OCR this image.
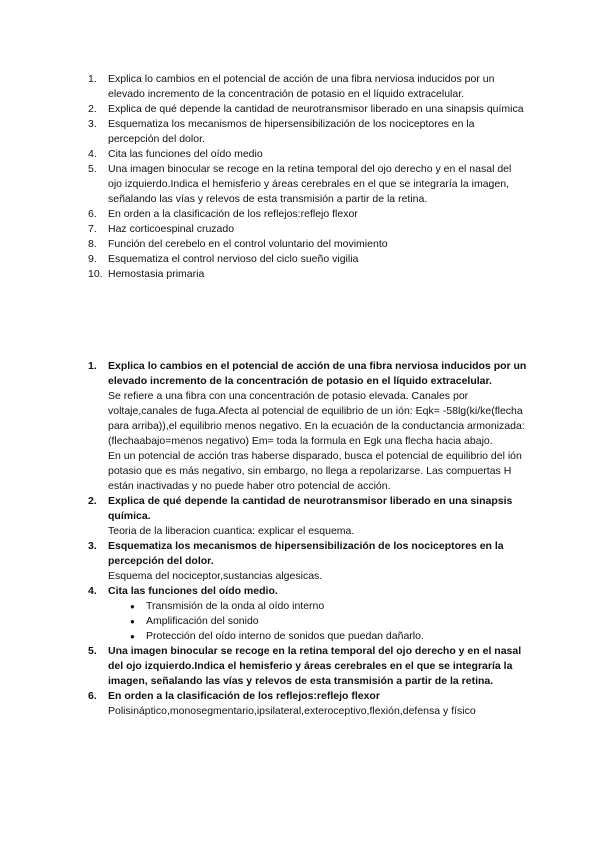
1.	Explica lo cambios en el potencial de acción de una fibra nerviosa inducidos por un elevado incremento de la concentración de potasio en el líquido extracelular.
2.	Explica de qué depende la cantidad de neurotransmisor liberado en una sinapsis química
3.	Esquematiza los mecanismos de hipersensibilización de los nociceptores en la percepción del dolor.
4.	Cita las funciones del oído medio
5.	Una imagen binocular se recoge en la retina temporal del ojo derecho y en el nasal del ojo izquierdo.Indica el hemisferio y áreas cerebrales en el que se integraría la imagen, señalando las vías y relevos de esta transmisión a partir de la retina.
6.	En orden a la clasificación de los reflejos:reflejo flexor
7.	Haz corticoespinal cruzado
8.	Función del cerebelo en el control voluntario del movimiento
9.	Esquematiza el control nervioso del ciclo sueño vigilia
10. Hemostasia primaria
1.	Explica lo cambios en el potencial de acción de una fibra nerviosa inducidos por un elevado incremento de la concentración de potasio en el líquido extracelular.
Se refiere a una fibra con una concentración de potasio elevada. Canales por voltaje,canales de fuga.Afecta al potencial de equilibrio de un ión: Eqk= -58lg(ki/ke(flecha para arriba)),el equilibrio menos negativo. En la ecuación de la conductancia armonizada: (flechaabajo=menos negativo) Em= toda la formula en Egk una flecha hacia abajo.
En un potencial de acción tras haberse disparado, busca el potencial de equilibrio del ión potasio que es más negativo, sin embargo, no llega a repolarizarse. Las compuertas H están inactivadas y no puede haber otro potencial de acción.
2.	Explica de qué depende la cantidad de neurotransmisor liberado en una sinapsis química.
Teoria de la liberacion cuantica: explicar el esquema.
3.	Esquematiza los mecanismos de hipersensibilización de los nociceptores en la percepción del dolor.
Esquema del nociceptor,sustancias algesicas.
4.	Cita las funciones del oído medio.
●	Transmisión de la onda al oído interno
●	Amplificación del sonido
●	Protección del oído interno de sonidos que puedan dañarlo.
5.	Una imagen binocular se recoge en la retina temporal del ojo derecho y en el nasal del ojo izquierdo.Indica el hemisferio y áreas cerebrales en el que se integraría la imagen, señalando las vías y relevos de esta transmisión a partir de la retina.
6.	En orden a la clasificación de los reflejos:reflejo flexor
Polisináptico,monosegmentario,ipsilateral,exteroceptivo,flexión,defensa y físico
